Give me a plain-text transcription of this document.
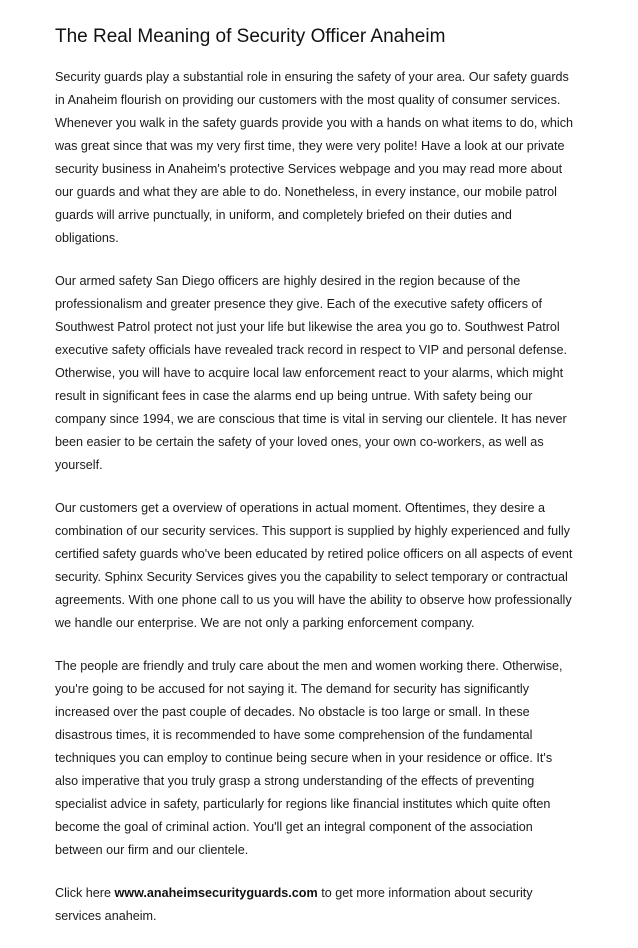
The Real Meaning of Security Officer Anaheim
Security guards play a substantial role in ensuring the safety of your area. Our safety guards
in Anaheim flourish on providing our customers with the most quality of consumer services.
Whenever you walk in the safety guards provide you with a hands on what items to do, which
was great since that was my very first time, they were very polite! Have a look at our private
security business in Anaheim's protective Services webpage and you may read more about
our guards and what they are able to do. Nonetheless, in every instance, our mobile patrol
guards will arrive punctually, in uniform, and completely briefed on their duties and
obligations.
Our armed safety San Diego officers are highly desired in the region because of the
professionalism and greater presence they give. Each of the executive safety officers of
Southwest Patrol protect not just your life but likewise the area you go to. Southwest Patrol
executive safety officials have revealed track record in respect to VIP and personal defense.
Otherwise, you will have to acquire local law enforcement react to your alarms, which might
result in significant fees in case the alarms end up being untrue. With safety being our
company since 1994, we are conscious that time is vital in serving our clientele. It has never
been easier to be certain the safety of your loved ones, your own co-workers, as well as
yourself.
Our customers get a overview of operations in actual moment. Oftentimes, they desire a
combination of our security services. This support is supplied by highly experienced and fully
certified safety guards who've been educated by retired police officers on all aspects of event
security. Sphinx Security Services gives you the capability to select temporary or contractual
agreements. With one phone call to us you will have the ability to observe how professionally
we handle our enterprise. We are not only a parking enforcement company.
The people are friendly and truly care about the men and women working there. Otherwise,
you're going to be accused for not saying it. The demand for security has significantly
increased over the past couple of decades. No obstacle is too large or small. In these
disastrous times, it is recommended to have some comprehension of the fundamental
techniques you can employ to continue being secure when in your residence or office. It's
also imperative that you truly grasp a strong understanding of the effects of preventing
specialist advice in safety, particularly for regions like financial institutes which quite often
become the goal of criminal action. You'll get an integral component of the association
between our firm and our clientele.
Click here www.anaheimsecurityguards.com to get more information about security
services anaheim.
